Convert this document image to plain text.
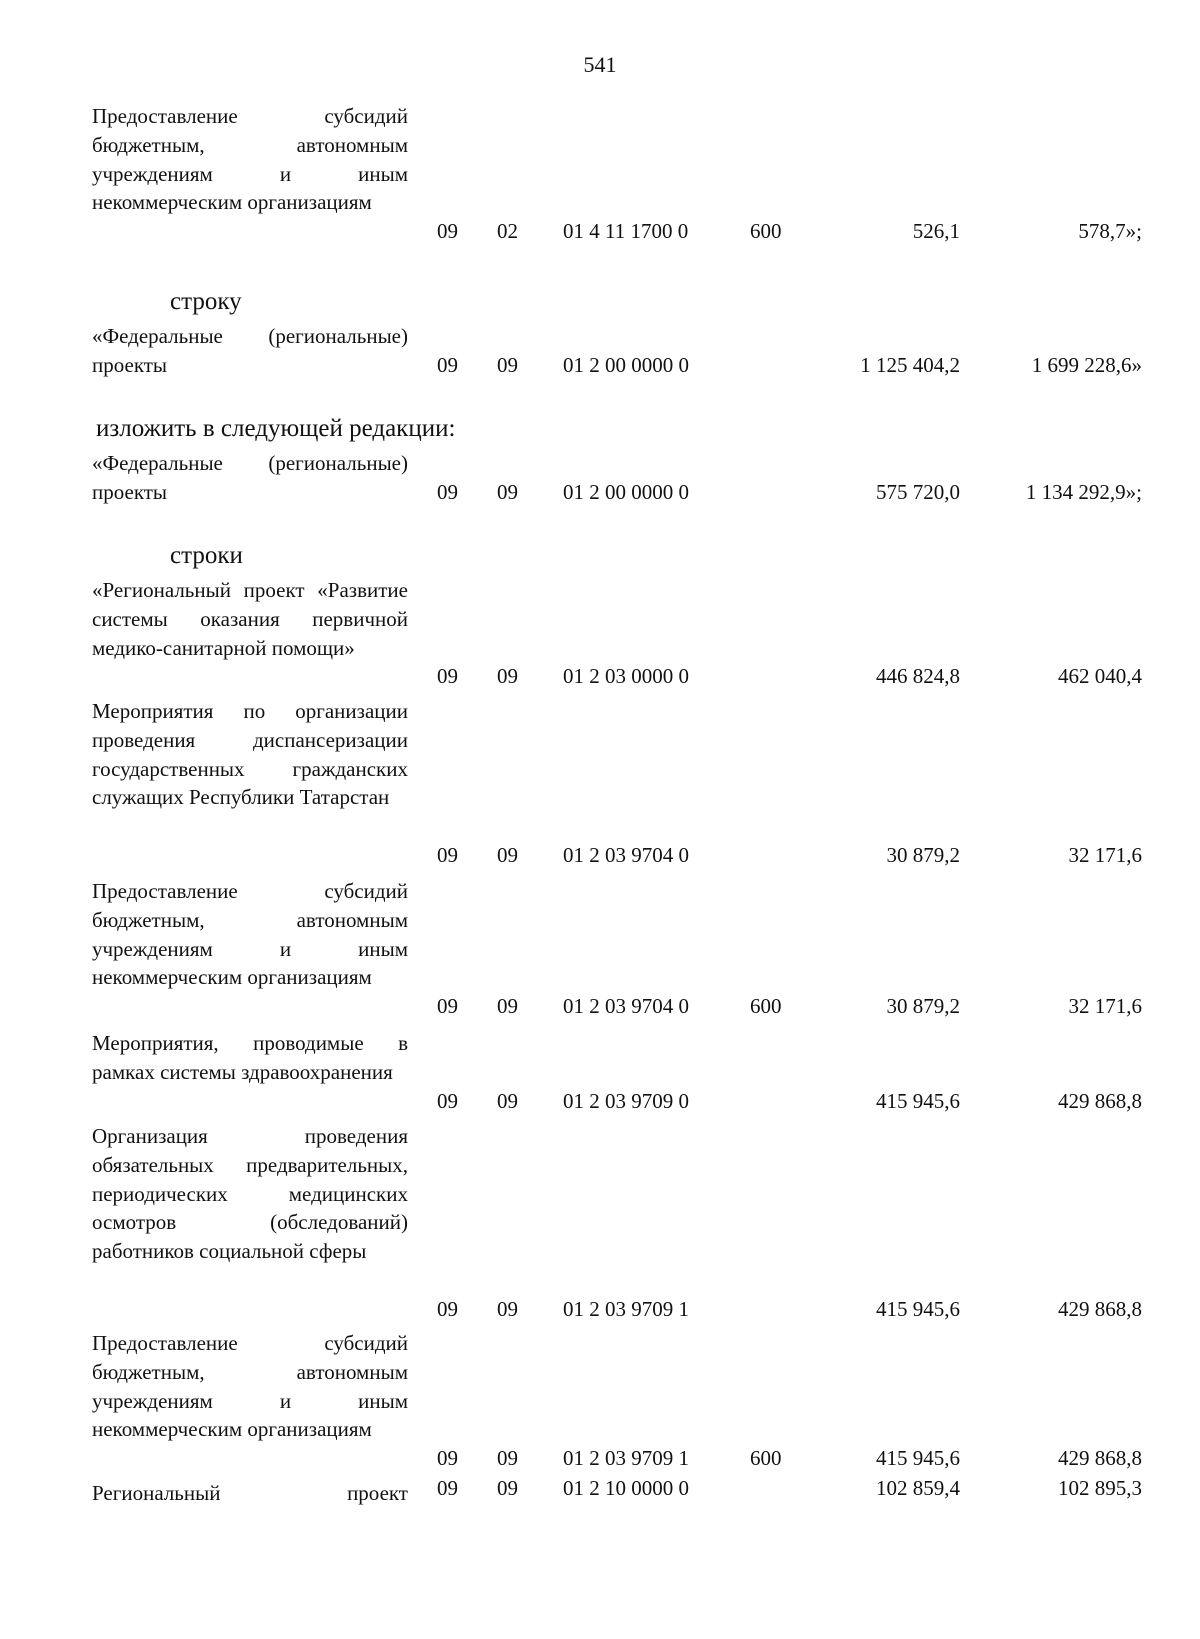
541

Предоставление субсидий бюджетным, автономным учреждениям и иным некоммерческим организациям

09 02 01 4 11 1700 0	600	526,1	578,7»;
строку

«Федеральные (региональные) проекты	09 09 01 2 00 0000 0	1 125 404,2	1 699 228,6»
изложить в следующей редакции:

«Федеральные (региональные) проекты	09 09 01 2 00 0000 0	575 720,0	1 134 292,9»;
строки

«Региональный проект «Развитие системы оказания первичной медико-санитарной помощи»

09 09 01 2 03 0000 0	446 824,8	462 040,4

Мероприятия по организации проведения диспансеризации государственных гражданских служащих Республики Татарстан

09 09 01 2 03 9704 0	30 879,2	32 171,6

Предоставление субсидий бюджетным, автономным учреждениям и иным некоммерческим организациям

09 09 01 2 03 9704 0	600	30 879,2	32 171,6

Мероприятия, проводимые в рамках системы здравоохранения

09 09 01 2 03 9709 0	415 945,6	429 868,8

Организация проведения обязательных предварительных, периодических медицинских осмотров (обследований) работников социальной сферы

09 09 01 2 03 9709 1	415 945,6	429 868,8

Предоставление субсидий бюджетным, автономным учреждениям и иным некоммерческим организациям

09 09 01 2 03 9709 1	600	415 945,6	429 868,8

Региональный проект 09 09 01 2 10 0000 0	102 859,4	102 895,3
